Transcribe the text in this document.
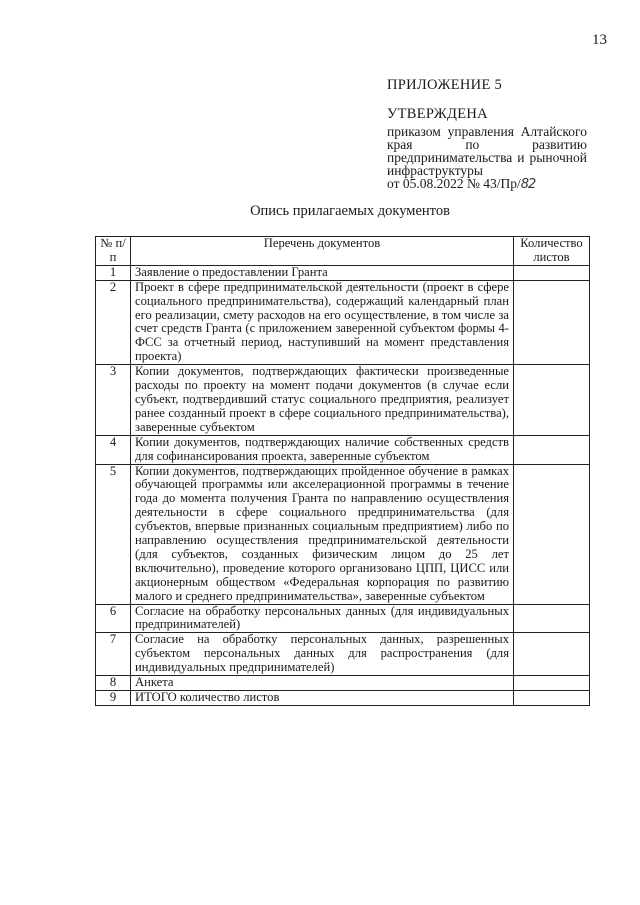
13

ПРИЛОЖЕНИЕ 5

УТВЕРЖДЕНА

приказом управления Алтайского края по развитию предпринимательства и рыночной инфраструктуры

от 05.08.2022 № 43/Пр/82

Опись прилагаемых документов
№ п/п	Перечень документов	Количество листов
1	Заявление о предоставлении Гранта	
2	Проект в сфере предпринимательской деятельности (проект в сфере социального предпринимательства), содержащий календарный план его реализации, смету расходов на его осуществление, в том числе за счет средств Гранта (с приложением заверенной субъектом формы 4-ФСС за отчетный период, наступивший на момент представления проекта)	
3	Копии документов, подтверждающих фактически произведенные расходы по проекту на момент подачи документов (в случае если субъект, подтвердивший статус социального предприятия, реализует ранее созданный проект в сфере социального предпринимательства), заверенные субъектом	
4	Копии документов, подтверждающих наличие собственных средств для софинансирования проекта, заверенные субъектом	
5	Копии документов, подтверждающих пройденное обучение в рамках обучающей программы или акселерационной программы в течение года до момента получения Гранта по направлению осуществления деятельности в сфере социального предпринимательства (для субъектов, впервые признанных социальным предприятием) либо по направлению осуществления предпринимательской деятельности (для субъектов, созданных физическим лицом до 25 лет включительно), проведение которого организовано ЦПП, ЦИСС или акционерным обществом «Федеральная корпорация по развитию малого и среднего предпринимательства», заверенные субъектом	
6	Согласие на обработку персональных данных (для индивидуальных предпринимателей)	
7	Согласие на обработку персональных данных, разрешенных субъектом персональных данных для распространения (для индивидуальных предпринимателей)	
8	Анкета	
9	ИТОГО количество листов	
